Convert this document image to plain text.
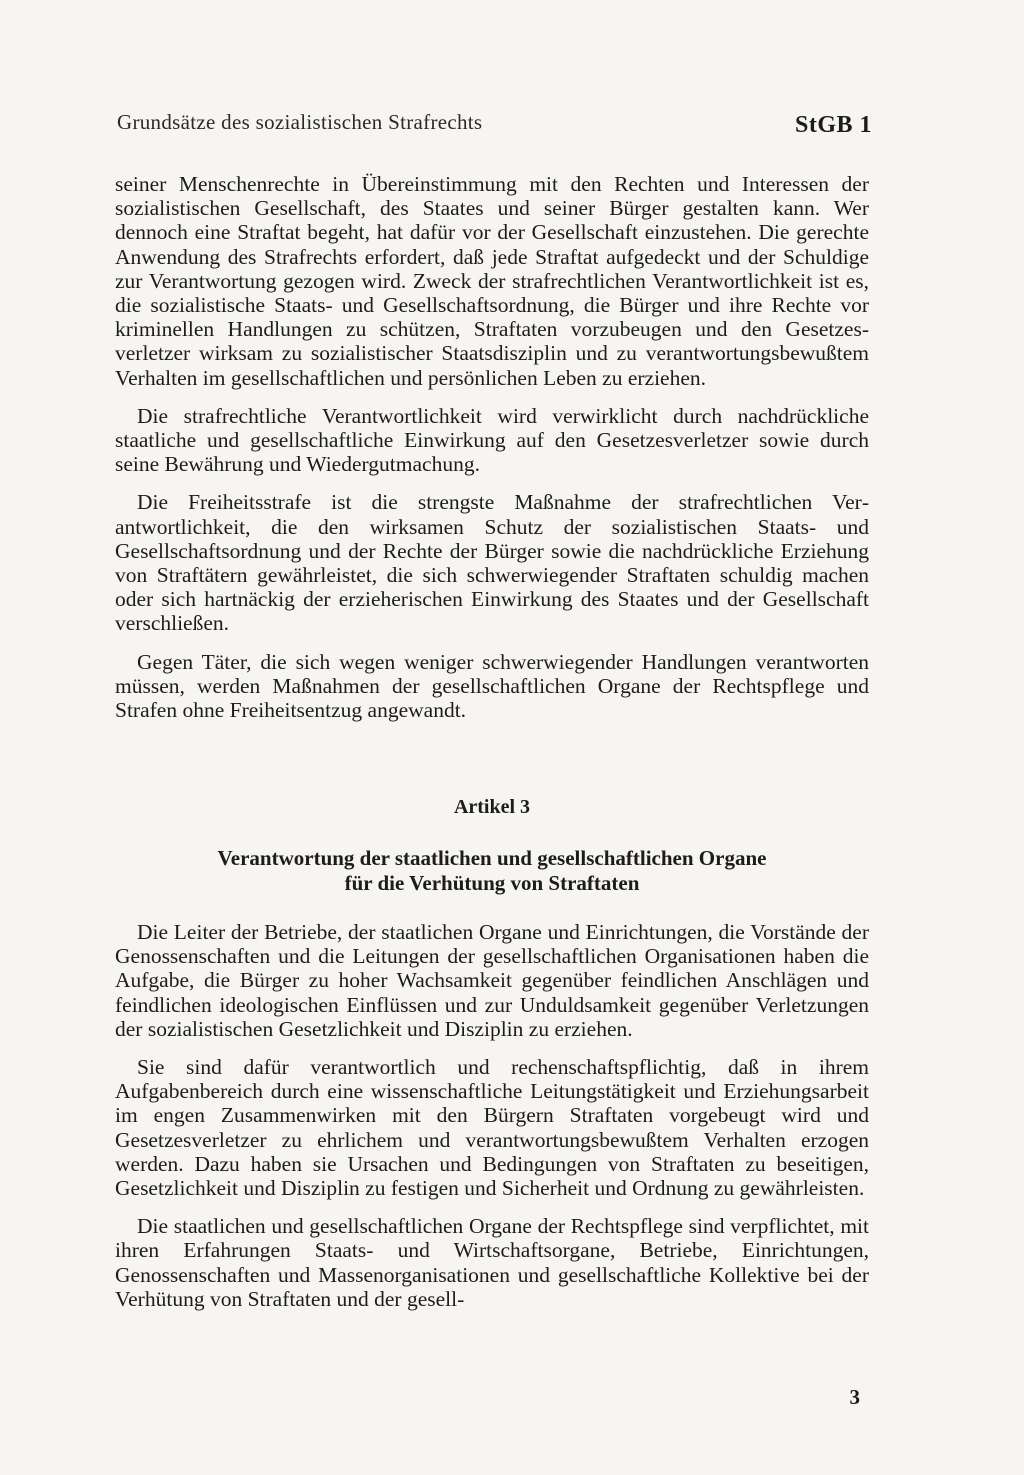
Grundsätze des sozialistischen Strafrechts	StGB 1

seiner Menschenrechte in Übereinstimmung mit den Rechten und Interessen der sozialistischen Gesellschaft, des Staates und seiner Bürger gestalten kann. Wer dennoch eine Straftat begeht, hat dafür vor der Gesellschaft einzustehen. Die gerechte Anwendung des Strafrechts erfordert, daß jede Straftat aufgedeckt und der Schuldige zur Verantwortung gezogen wird. Zweck der strafrechtlichen Verantwortlichkeit ist es, die sozialistische Staats- und Gesellschaftsordnung, die Bürger und ihre Rechte vor kriminellen Handlungen zu schützen, Straftaten vorzubeugen und den Gesetzesverletzer wirksam zu sozialistischer Staatsdisziplin und zu verantwortungsbewußtem Verhalten im gesellschaftlichen und persönlichen Leben zu erziehen.

Die strafrechtliche Verantwortlichkeit wird verwirklicht durch nachdrückliche staatliche und gesellschaftliche Einwirkung auf den Gesetzesverletzer sowie durch seine Bewährung und Wiedergutmachung.

Die Freiheitsstrafe ist die strengste Maßnahme der strafrechtlichen Verantwortlichkeit, die den wirksamen Schutz der sozialistischen Staats- und Gesellschaftsordnung und der Rechte der Bürger sowie die nachdrückliche Erziehung von Straftätern gewährleistet, die sich schwerwiegender Straftaten schuldig machen oder sich hartnäckig der erzieherischen Einwirkung des Staates und der Gesellschaft verschließen.

Gegen Täter, die sich wegen weniger schwerwiegender Handlungen verantworten müssen, werden Maßnahmen der gesellschaftlichen Organe der Rechtspflege und Strafen ohne Freiheitsentzug angewandt.

Artikel 3
Verantwortung der staatlichen und gesellschaftlichen Organe
für die Verhütung von Straftaten

Die Leiter der Betriebe, der staatlichen Organe und Einrichtungen, die Vorstände der Genossenschaften und die Leitungen der gesellschaftlichen Organisationen haben die Aufgabe, die Bürger zu hoher Wachsamkeit gegenüber feindlichen Anschlägen und feindlichen ideologischen Einflüssen und zur Unduldsamkeit gegenüber Verletzungen der sozialistischen Gesetzlichkeit und Disziplin zu erziehen.

Sie sind dafür verantwortlich und rechenschaftspflichtig, daß in ihrem Aufgabenbereich durch eine wissenschaftliche Leitungstätigkeit und Erziehungsarbeit im engen Zusammenwirken mit den Bürgern Straftaten vorgebeugt wird und Gesetzesverletzer zu ehrlichem und verantwortungsbewußtem Verhalten erzogen werden. Dazu haben sie Ursachen und Bedingungen von Straftaten zu beseitigen, Gesetzlichkeit und Disziplin zu festigen und Sicherheit und Ordnung zu gewährleisten.

Die staatlichen und gesellschaftlichen Organe der Rechtspflege sind verpflichtet, mit ihren Erfahrungen Staats- und Wirtschaftsorgane, Betriebe, Einrichtungen, Genossenschaften und Massenorganisationen und gesellschaftliche Kollektive bei der Verhütung von Straftaten und der gesell-

3
